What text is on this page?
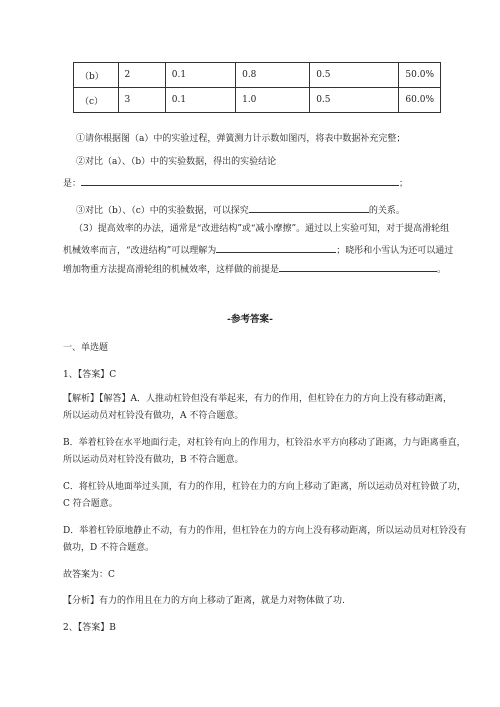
（b）	2	0.1	0.8	0.5	50.0%
（c）	3	0.1	1.0	0.5	60.0%
①请你根据图（a）中的实验过程，弹簧测力计示数如图丙，将表中数据补充完整；
②对比（a）、（b）中的实验数据，得出的实验结论
是：	；
③对比（b）、（c）中的实验数据，可以探究	的关系。
（3）提高效率的办法，通常是“改进结构”或“减小摩擦”。通过以上实验可知，对于提高滑轮组
机械效率而言，“改进结构”可以理解为	；晓彤和小雪认为还可以通过
增加物重方法提高滑轮组的机械效率，这样做的前提是	。
-参考答案-
一、单选题
1、【答案】C
【解析】【解答】A．人推动杠铃但没有举起来，有力的作用，但杠铃在力的方向上没有移动距离，
所以运动员对杠铃没有做功，A 不符合题意。
B．举着杠铃在水平地面行走，对杠铃有向上的作用力，杠铃沿水平方向移动了距离，力与距离垂直，
所以运动员对杠铃没有做功，B 不符合题意。
C．将杠铃从地面举过头顶，有力的作用，杠铃在力的方向上移动了距离，所以运动员对杠铃做了功，
C 符合题意。
D．举着杠铃原地静止不动，有力的作用，但杠铃在力的方向上没有移动距离，所以运动员对杠铃没有
做功，D 不符合题意。
故答案为：C
【分析】有力的作用且在力的方向上移动了距离，就是力对物体做了功.
2、【答案】B
